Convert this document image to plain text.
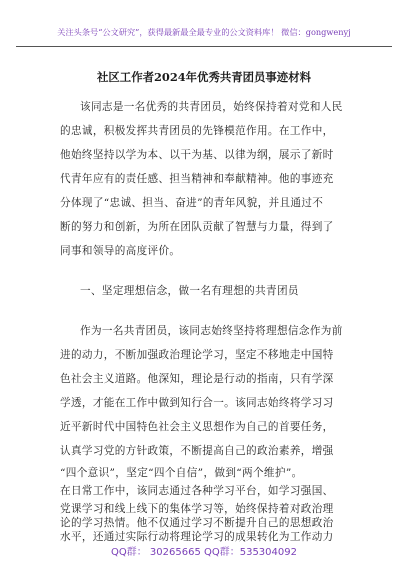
关注头条号“公文研究”，获得最新最全最专业的公文资料库！ 微信：gongwenyj
社区工作者2024年优秀共青团员事迹材料
该同志是一名优秀的共青团员，始终保持着对党和人民
的忠诚，积极发挥共青团员的先锋模范作用。在工作中，
他始终坚持以学为本、以干为基、以律为纲，展示了新时
代青年应有的责任感、担当精神和奉献精神。他的事迹充
分体现了“忠诚、担当、奋进”的青年风貌，并且通过不
断的努力和创新，为所在团队贡献了智慧与力量，得到了
同事和领导的高度评价。
一、坚定理想信念，做一名有理想的共青团员
作为一名共青团员，该同志始终坚持将理想信念作为前
进的动力，不断加强政治理论学习，坚定不移地走中国特
色社会主义道路。他深知，理论是行动的指南，只有学深
学透，才能在工作中做到知行合一。该同志始终将学习习
近平新时代中国特色社会主义思想作为自己的首要任务，
认真学习党的方针政策，不断提高自己的政治素养，增强
“四个意识”，坚定“四个自信”，做到“两个维护”。
在日常工作中，该同志通过各种学习平台，如学习强国、
党课学习和线上线下的集体学习等，始终保持着对政治理
QQ群： 30265665 QQ群：535304092
论的学习热情。他不仅通过学习不断提升自己的思想政治
水平，还通过实际行动将理论学习的成果转化为工作动力
